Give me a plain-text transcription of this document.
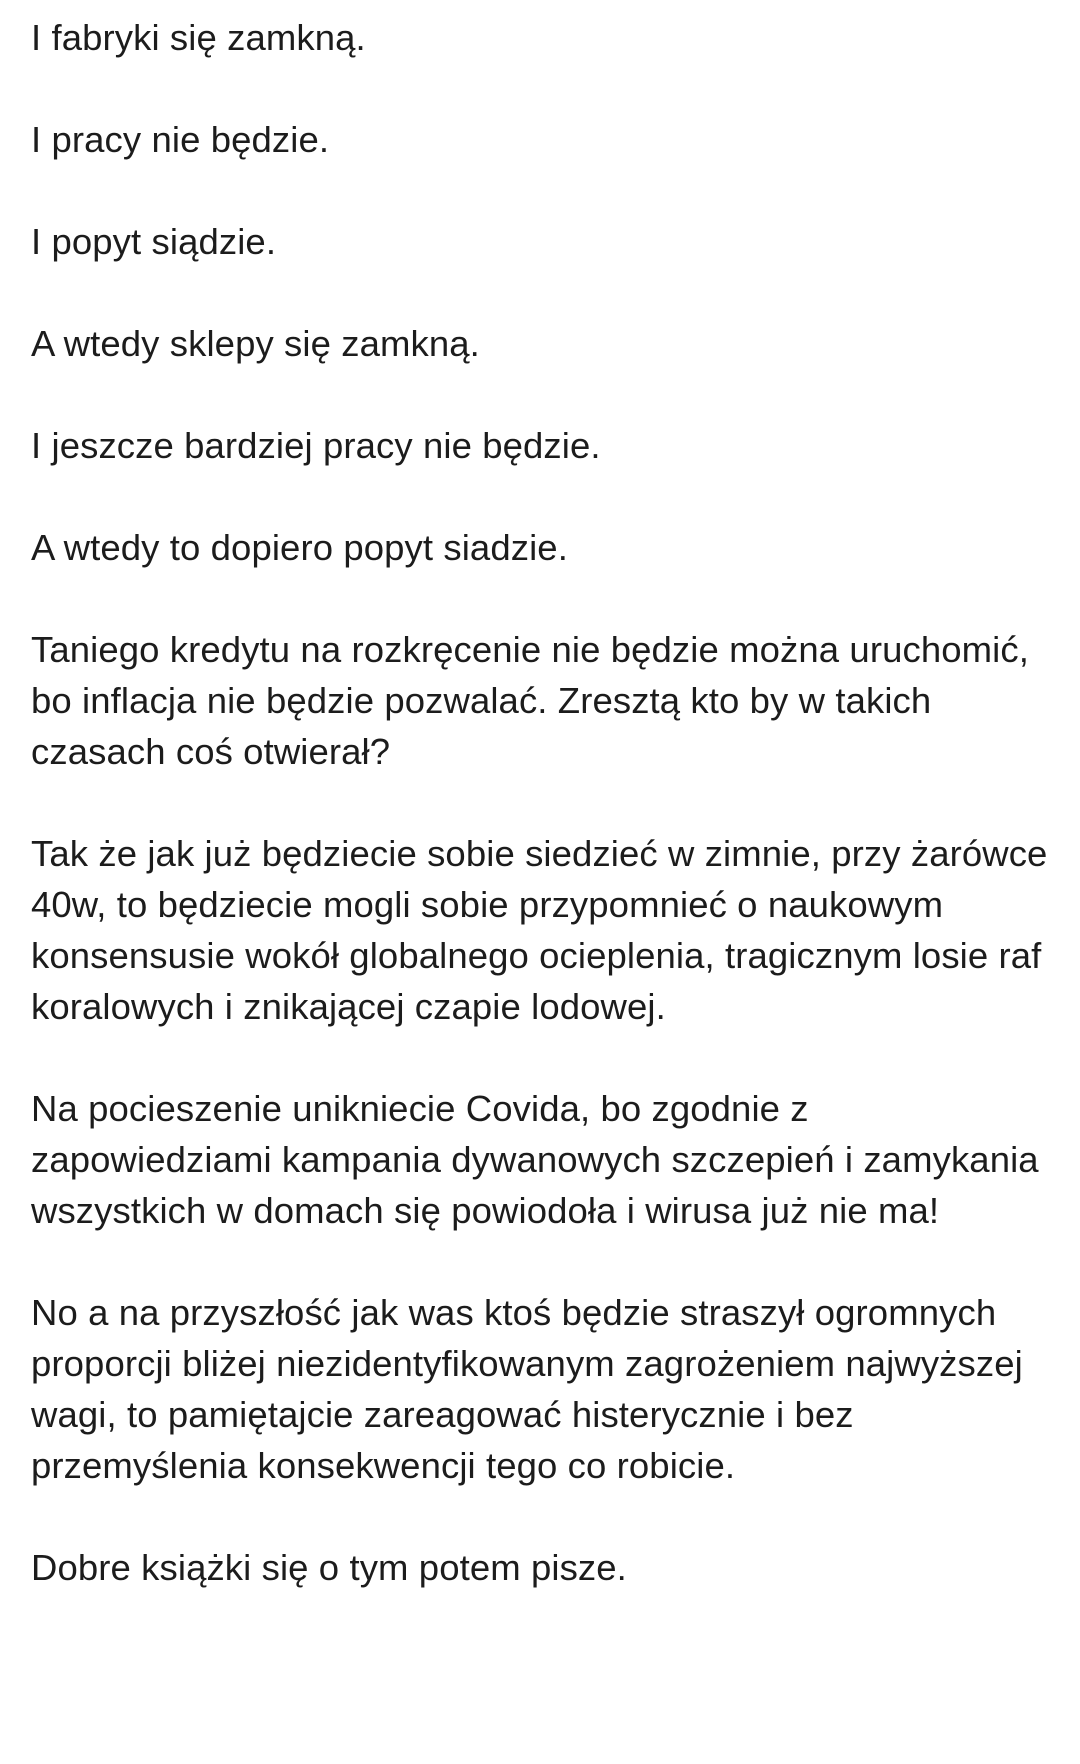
I fabryki się zamkną.

I pracy nie będzie.

I popyt siądzie.

A wtedy sklepy się zamkną.

I jeszcze bardziej pracy nie będzie.

A wtedy to dopiero popyt siadzie.

Taniego kredytu na rozkręcenie nie będzie można uruchomić, bo inflacja nie będzie pozwalać. Zresztą kto by w takich czasach coś otwierał?

Tak że jak już będziecie sobie siedzieć w zimnie, przy żarówce 40w, to będziecie mogli sobie przypomnieć o naukowym konsensusie wokół globalnego ocieplenia, tragicznym losie raf koralowych i znikającej czapie lodowej.

Na pocieszenie unikniecie Covida, bo zgodnie z zapowiedziami kampania dywanowych szczepień i zamykania wszystkich w domach się powiodoła i wirusa już nie ma!

No a na przyszłość jak was ktoś będzie straszył ogromnych proporcji bliżej niezidentyfikowanym zagrożeniem najwyższej wagi, to pamiętajcie zareagować histerycznie i bez przemyślenia konsekwencji tego co robicie.

Dobre książki się o tym potem pisze.
